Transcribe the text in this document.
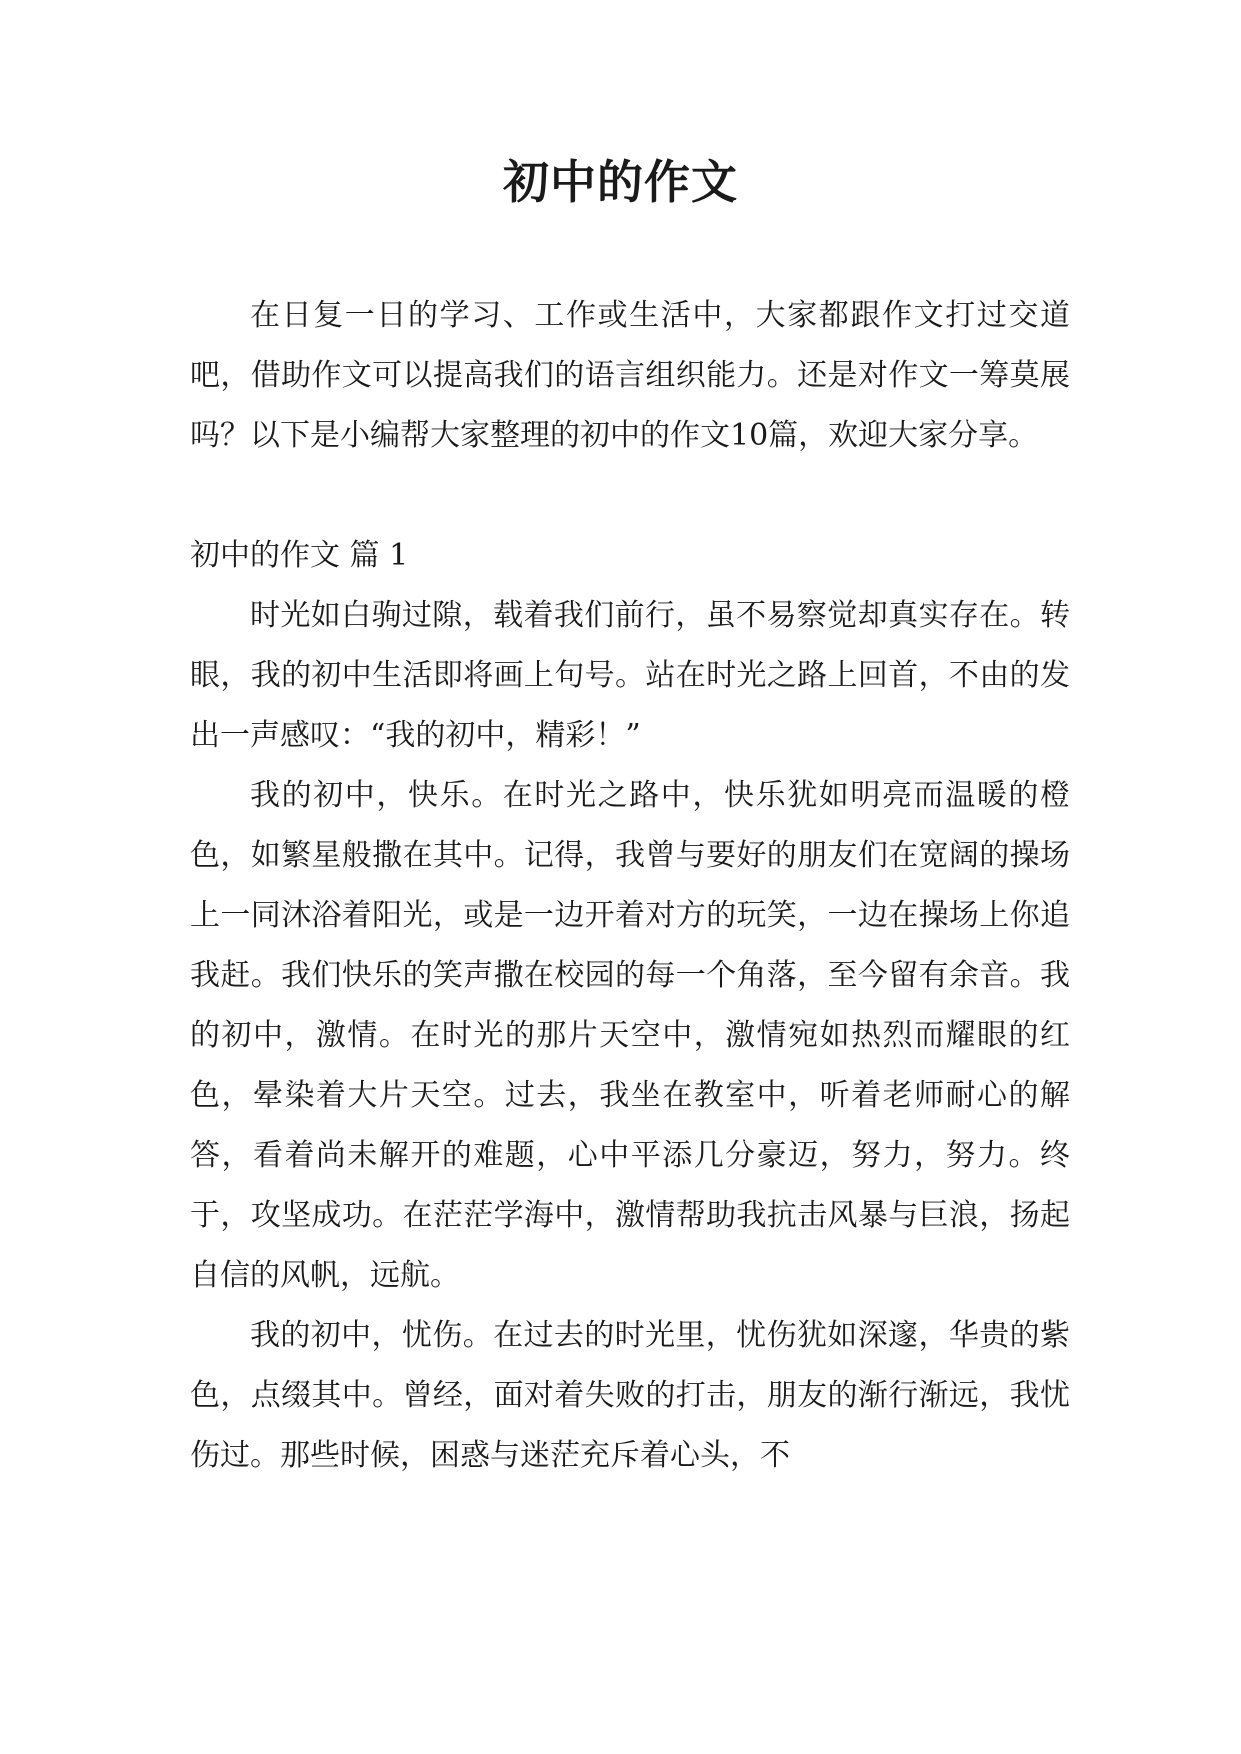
初中的作文

在日复一日的学习、工作或生活中，大家都跟作文打过交道吧，借助作文可以提高我们的语言组织能力。还是对作文一筹莫展吗？以下是小编帮大家整理的初中的作文10篇，欢迎大家分享。

初中的作文 篇 1

时光如白驹过隙，载着我们前行，虽不易察觉却真实存在。转眼，我的初中生活即将画上句号。站在时光之路上回首，不由的发出一声感叹：“我的初中，精彩！”

我的初中，快乐。在时光之路中，快乐犹如明亮而温暖的橙色，如繁星般撒在其中。记得，我曾与要好的朋友们在宽阔的操场上一同沐浴着阳光，或是一边开着对方的玩笑，一边在操场上你追我赶。我们快乐的笑声撒在校园的每一个角落，至今留有余音。我的初中，激情。在时光的那片天空中，激情宛如热烈而耀眼的红色，晕染着大片天空。过去，我坐在教室中，听着老师耐心的解答，看着尚未解开的难题，心中平添几分豪迈，努力，努力。终于，攻坚成功。在茫茫学海中，激情帮助我抗击风暴与巨浪，扬起自信的风帆，远航。

我的初中，忧伤。在过去的时光里，忧伤犹如深邃，华贵的紫色，点缀其中。曾经，面对着失败的打击，朋友的渐行渐远，我忧伤过。那些时候，困惑与迷茫充斥着心头，不
